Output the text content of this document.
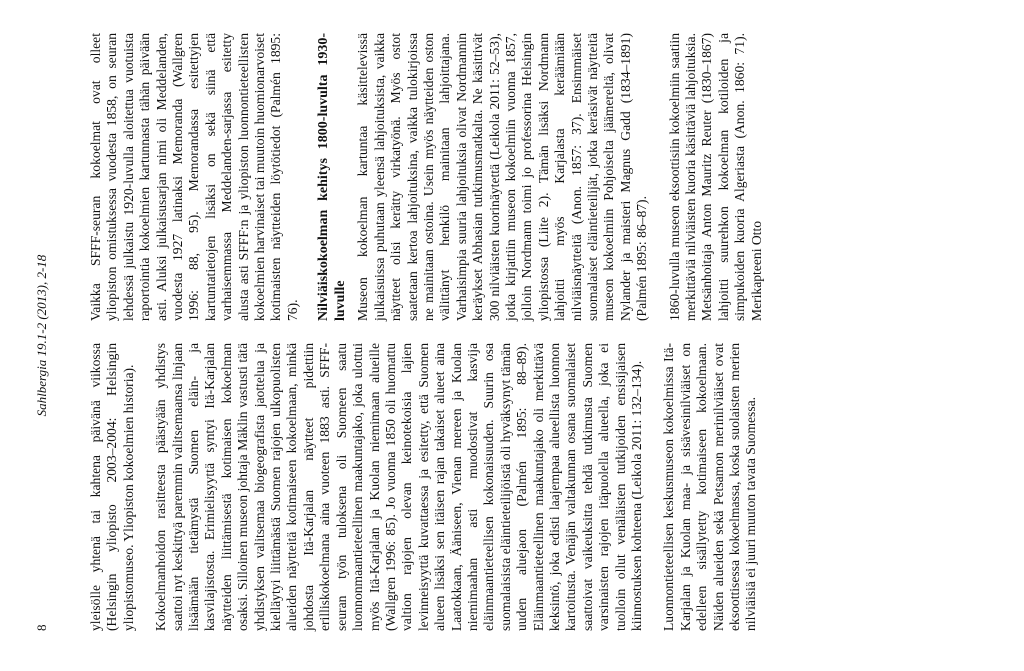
8
Sahlbergia 19.1-2 (2013), 2-18

yleisölle yhtenä tai kahtena päivänä viikossa (Helsingin yliopisto 2003–2004: Helsingin yliopistomuseo. Yliopiston kokoelmien historia). Kokoelmanhoidon rasitteesta päästyään yhdistys saattoi nyt keskittyä paremmin valitsemaansa linjaan lisäämään tietämystä Suomen eläin- ja kasvilajistosta. Erimielisyyttä syntyi Itä-Karjalan näytteiden liittämisestä kotimaisen kokoelman osaksi. Silloinen museon johtaja Mäklin vastusti tätä yhdistyksen valitsemaa biogeografista jaottelua ja kielläytyi liittämästä Suomen rajojen ulkopuolisten alueiden näytteitä kotimaiseen kokoelmaan, minkä johdosta Itä-Karjalan näytteet pidettiin erilliskokoelmana aina vuoteen 1883 asti. SFFF-seuran työn tuloksena oli Suomeen saatu luonnonmaantieteellinen maakuntajako, joka ulottui myös Itä-Karjalan ja Kuolan niemimaan alueille (Wallgren 1996: 85). Jo vuonna 1850 oli huomattu valtion rajojen olevan keinotekoisia lajien levinneisyyttä kuvattaessa ja esitetty, että Suomen alueen lisäksi sen itäisen rajan takaiset alueet aina Laatokkaan, Ääniseen, Vienan mereen ja Kuolan niemimaahan asti muodostivat kasvija eläinmaantieteellisen kokonaisuuden. Suurin osa suomalaisista eläintieteilijöistä oli hyväksynyt tämän uuden aluejaon (Palmén 1895: 88–89). Eläinmaantieteellinen maakuntajako oli merkittävä keksintö, joka edisti laajempaa alueellista luonnon kartoitusta. Venäjän valtakunnan osana suomalaiset saattoivat vaikeuksitta tehdä tutkimusta Suomen varsinaisten rajojen itäpuolella alueella, joka ei tuolloin ollut venäläisten tutkijoiden ensisijaisen kiinnostuksen kohteena (Leikola 2011: 132–134). Luonnontieteellisen keskusmuseon kokoelmissa Itä-Karjalan ja Kuolan maa- ja sisävesinilviäiset on edelleen sisällytetty kotimaiseen kokoelmaan. Näiden alueiden sekä Petsamon merinilviäiset ovat eksoottisessa kokoelmassa, koska suolaisten merien nilviäisiä ei juuri muuton tavata Suomessa.

Vaikka SFFF-seuran kokoelmat ovat olleet yliopiston omistuksessa vuodesta 1858, on seuran lehdessä julkaistu 1920-luvulla aloitettua vuotuista raportointia kokoelmien kartunnasta tähän päivään asti. Aluksi julkaisusarjan nimi oli Meddelanden, vuodesta 1927 latinaksi Memoranda (Wallgren 1996: 88, 95). Memorandassa esitettyjen kartuntatietojen lisäksi on sekä siinä että varhaisemmassa Meddelanden-sarjassa esitetty alusta asti SFFF:n ja yliopiston luonnontieteellisten kokoelmien harvinaiset tai muutoin huomionarvoiset kotimaisten näytteiden löytötiedot (Palmén 1895: 76). Nilviäiskokoelman kehitys 1800-luvulta 1930-luvulle Museon kokoelman kartuntaa käsittelevissä julkaisuissa puhutaan yleensä lahjoituksista, vaikka näytteet olisi kerätty virkatyönä. Myös ostot saatetaan kertoa lahjoituksina, vaikka tulokirjoissa ne mainitaan ostoina. Usein myös näytteiden oston välittänyt henkilö mainitaan lahjoittajana. Varhaisimpia suuria lahjoituksia olivat Nordmannin keräykset Abhasian tutkimusmatkalta. Ne käsittivät 300 nilviäisten kuorinäytettä (Leikola 2011: 52–53), jotka kirjattiin museon kokoelmiin vuonna 1857, jolloin Nordmann toimi jo professorina Helsingin yliopistossa (Liite 2). Tämän lisäksi Nordmann lahjoitti myös Karjalasta keräämiään nilviäisnäytteitä (Anon. 1857: 37). Ensimmäiset suomalaiset eläintieteilijät, jotka keräsivät näytteitä museon kokoelmiin Pohjoiselta jäämereltä, olivat Nylander ja maisteri Magnus Gadd (1834–1891) (Palmén 1895: 86–87). 1860-luvulla museon eksoottisiin kokoelmiin saatiin merkittäviä nilviäisten kuoria käsittäviä lahjoituksia. Metsänhoitaja Anton Mauritz Reuter (1830–1867) lahjoitti suurehkon kokoelman kotiloiden ja simpukoiden kuoria Algeriasta (Anon. 1860: 71). Merikapteeni Otto
